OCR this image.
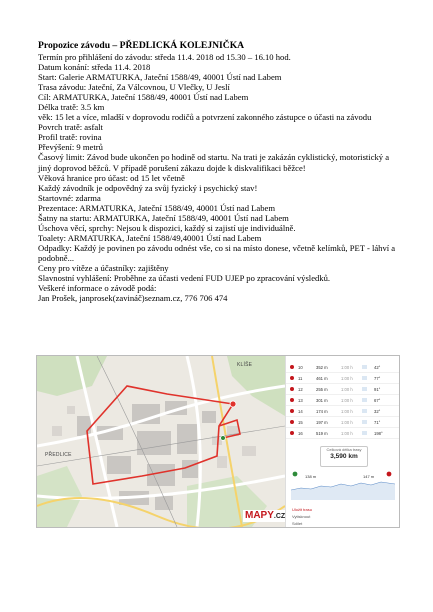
Propozice závodu – PŘEDLICKÁ KOLEJNIČKA

Termín pro přihlášení do závodu: středa 11.4. 2018 od 15.30 – 16.10 hod.

Datum konání: středa 11.4. 2018

Start: Galerie ARMATURKA, Jateční 1588/49, 40001 Ústí nad Labem

Trasa závodu: Jateční, Za Válcovnou, U Vlečky, U Jeslí

Cíl: ARMATURKA, Jateční 1588/49, 40001 Ústí nad Labem

Délka tratě: 3.5 km

věk: 15 let a více, mladší v doprovodu rodičů a potvrzení zakonného zástupce o účasti na závodu

Povrch tratě: asfalt

Profil tratě: rovina

Převýšení: 9 metrů

Časový limit: Závod bude ukončen po hodině od startu. Na trati je zakázán cyklistický, motoristický a jiný doprovod běžců. V případě porušení zákazu dojde k diskvalifikaci běžce!

Věková hranice pro účast: od 15 let včetně

Každý závodník je odpovědný za svůj fyzický i psychický stav!

Startovné: zdarma

Prezentace: ARMATURKA, Jateční 1588/49, 40001 Ústí nad Labem

Šatny na startu: ARMATURKA, Jateční 1588/49, 40001 Ústí nad Labem

Úschova věcí, sprchy: Nejsou k dispozici, každý si zajistí uje individuálně.

Toalety: ARMATURKA, Jateční 1588/49,40001 Ústí nad Labem

Odpadky: Každý je povinen po závodu odnést vše, co si na místo donese, včetně kelímků, PET - láhví a podobně...

Ceny pro vítěze a účastníky: zajištěny

Slavnostní vyhlášení: Proběhne za účasti vedení FUD UJEP po zpracování výsledků.

Veškeré informace o závodě podá:

Jan Prošek, janprosek(zavináč)seznam.cz, 776 706 474

KLÍŠE
PŘEDLICE
MAPY.CZ
10	352 m	1:00 h	42°
11	461 m	1:00 h	77°
12	255 m	1:00 h	91°
13	301 m	1:00 h	67°
14	174 m	1:00 h	32°
15	197 m	1:00 h	71°
16	519 m	1:00 h	198°
Celková délka trasy
3,590 km
138 m	147 m
Uložit trasu
Vytisknout
Sdílet
